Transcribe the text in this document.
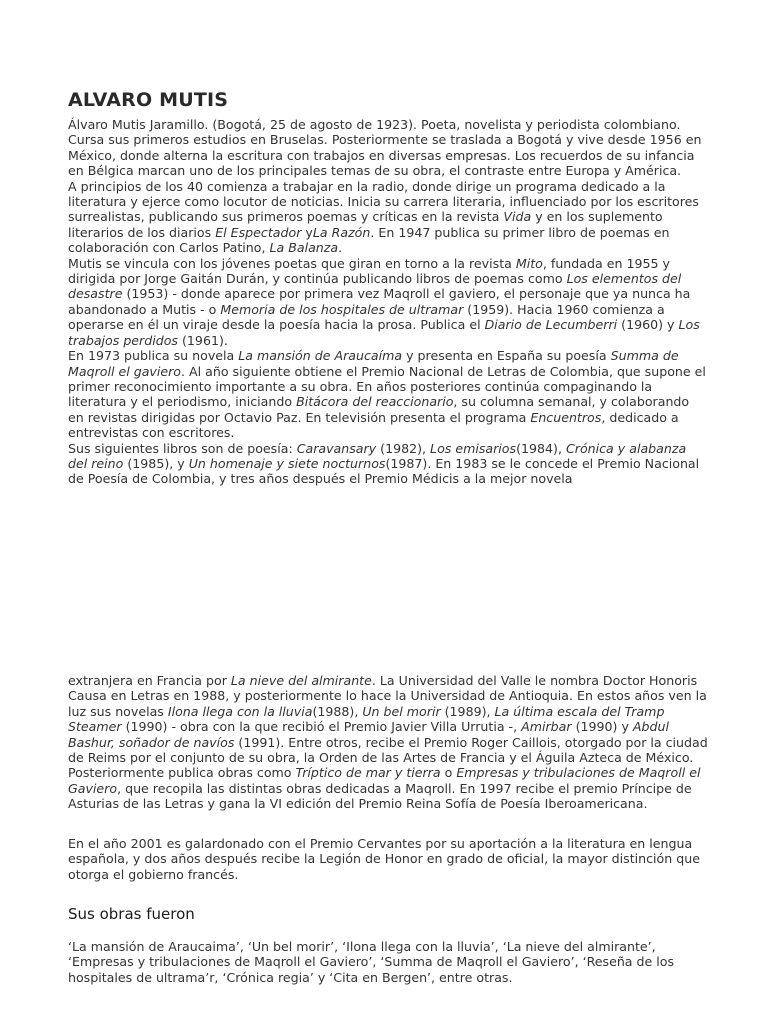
ALVARO MUTIS

Álvaro Mutis Jaramillo. (Bogotá, 25 de agosto de 1923). Poeta, novelista y periodista colombiano. Cursa sus primeros estudios en Bruselas. Posteriormente se traslada a Bogotá y vive desde 1956 en México, donde alterna la escritura con trabajos en diversas empresas. Los recuerdos de su infancia en Bélgica marcan uno de los principales temas de su obra, el contraste entre Europa y América.

A principios de los 40 comienza a trabajar en la radio, donde dirige un programa dedicado a la literatura y ejerce como locutor de noticias. Inicia su carrera literaria, influenciado por los escritores surrealistas, publicando sus primeros poemas y críticas en la revista Vida y en los suplemento literarios de los diarios El Espectador yLa Razón. En 1947 publica su primer libro de poemas en colaboración con Carlos Patino, La Balanza.

Mutis se vincula con los jóvenes poetas que giran en torno a la revista Mito, fundada en 1955 y dirigida por Jorge Gaitán Durán, y continúa publicando libros de poemas como Los elementos del desastre (1953) - donde aparece por primera vez Maqroll el gaviero, el personaje que ya nunca ha abandonado a Mutis - o Memoria de los hospitales de ultramar (1959). Hacia 1960 comienza a operarse en él un viraje desde la poesía hacia la prosa. Publica el Diario de Lecumberri (1960) y Los trabajos perdidos (1961).

En 1973 publica su novela La mansión de Araucaíma y presenta en España su poesía Summa de Maqroll el gaviero. Al año siguiente obtiene el Premio Nacional de Letras de Colombia, que supone el primer reconocimiento importante a su obra. En años posteriores continúa compaginando la literatura y el periodismo, iniciando Bitácora del reaccionario, su columna semanal, y colaborando en revistas dirigidas por Octavio Paz. En televisión presenta el programa Encuentros, dedicado a entrevistas con escritores.

Sus siguientes libros son de poesía: Caravansary (1982), Los emisarios(1984), Crónica y alabanza del reino (1985), y Un homenaje y siete nocturnos(1987). En 1983 se le concede el Premio Nacional de Poesía de Colombia, y tres años después el Premio Médicis a la mejor novela

extranjera en Francia por La nieve del almirante. La Universidad del Valle le nombra Doctor Honoris Causa en Letras en 1988, y posteriormente lo hace la Universidad de Antioquia. En estos años ven la luz sus novelas Ilona llega con la lluvia(1988), Un bel morir (1989), La última escala del Tramp Steamer (1990) - obra con la que recibió el Premio Javier Villa Urrutia -, Amirbar (1990) y Abdul Bashur, soñador de navíos (1991). Entre otros, recibe el Premio Roger Caillois, otorgado por la ciudad de Reims por el conjunto de su obra, la Orden de las Artes de Francia y el Águila Azteca de México.

Posteriormente publica obras como Tríptico de mar y tierra o Empresas y tribulaciones de Maqroll el Gaviero, que recopila las distintas obras dedicadas a Maqroll. En 1997 recibe el premio Príncipe de Asturias de las Letras y gana la VI edición del Premio Reina Sofía de Poesía Iberoamericana.

En el año 2001 es galardonado con el Premio Cervantes por su aportación a la literatura en lengua española, y dos años después recibe la Legión de Honor en grado de oficial, la mayor distinción que otorga el gobierno francés.

Sus obras fueron

‘La mansión de Araucaima’, ‘Un bel morir’, ‘Ilona llega con la lluvia’, ‘La nieve del almirante’, ‘Empresas y tribulaciones de Maqroll el Gaviero’, ‘Summa de Maqroll el Gaviero’, ‘Reseña de los hospitales de ultrama’r, ‘Crónica regia’ y ‘Cita en Bergen’, entre otras.
